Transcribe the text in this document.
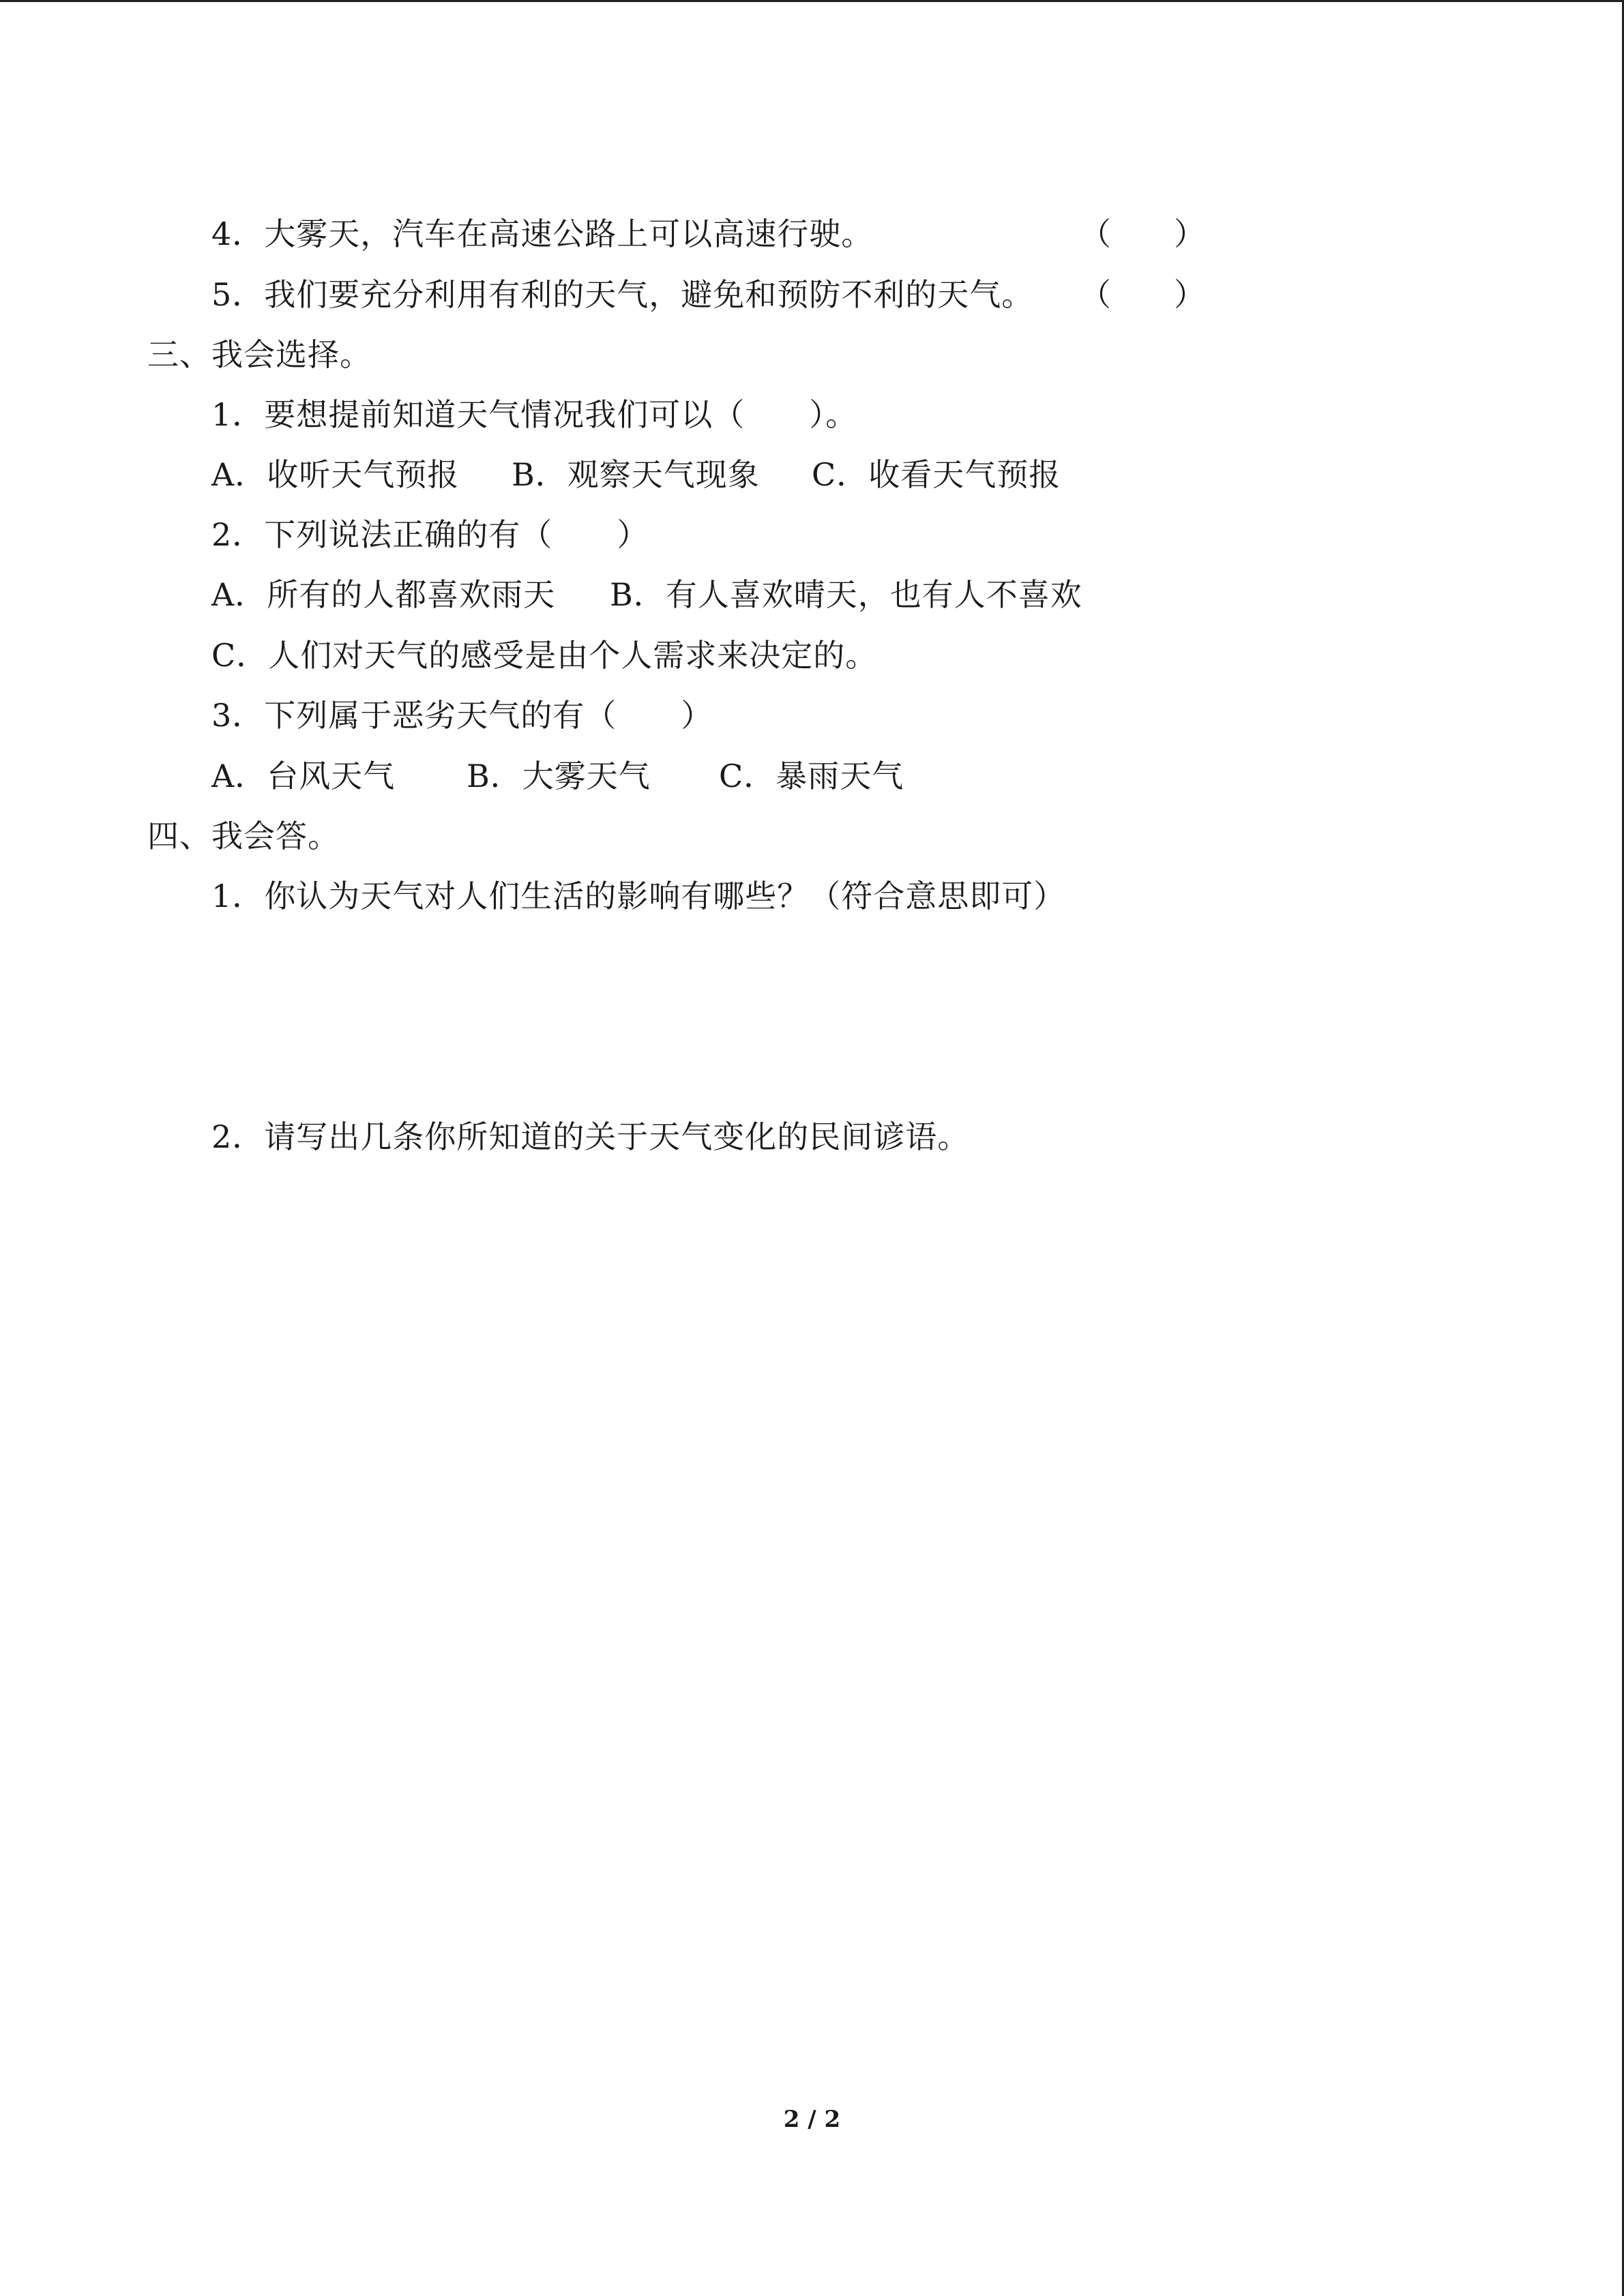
4．大雾天，汽车在高速公路上可以高速行驶。	（　　）
5．我们要充分利用有利的天气，避免和预防不利的天气。 （　　）
三、我会选择。
1．要想提前知道天气情况我们可以（　　）。
A．收听天气预报 B．观察天气现象 C．收看天气预报
2．下列说法正确的有（　　）
A．所有的人都喜欢雨天 B．有人喜欢晴天，也有人不喜欢
C．人们对天气的感受是由个人需求来决定的。
3．下列属于恶劣天气的有（　　）
A．台风天气 B．大雾天气 C．暴雨天气
四、我会答。
1．你认为天气对人们生活的影响有哪些？（符合意思即可）
2．请写出几条你所知道的关于天气变化的民间谚语。
2 / 2
